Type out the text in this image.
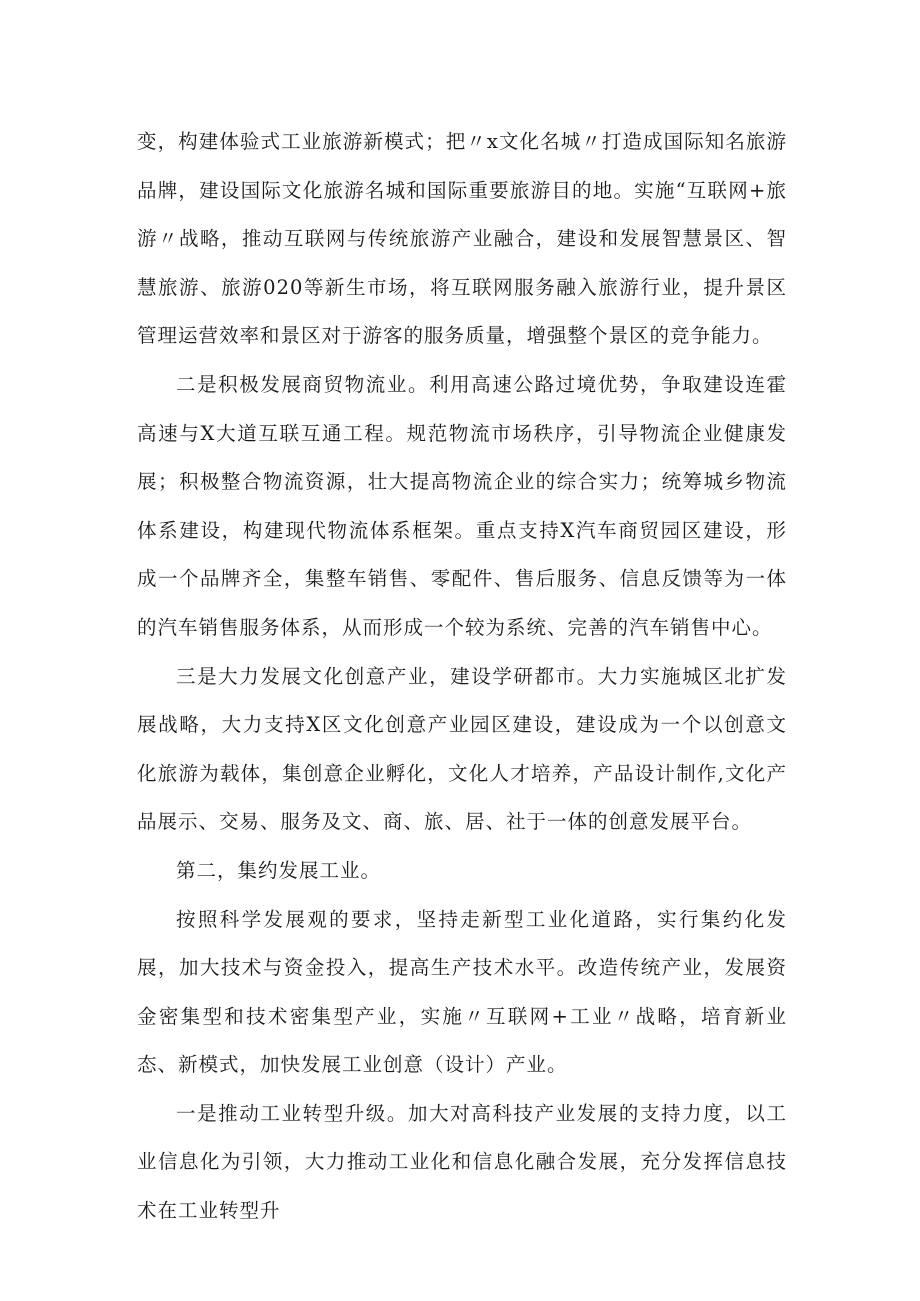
变，构建体验式工业旅游新模式；把〃x文化名城〃打造成国际知名旅游品牌，建设国际文化旅游名城和国际重要旅游目的地。实施“互联网+旅游〃战略，推动互联网与传统旅游产业融合，建设和发展智慧景区、智慧旅游、旅游020等新生市场，将互联网服务融入旅游行业，提升景区管理运营效率和景区对于游客的服务质量，增强整个景区的竞争能力。

二是积极发展商贸物流业。利用高速公路过境优势，争取建设连霍高速与X大道互联互通工程。规范物流市场秩序，引导物流企业健康发展；积极整合物流资源，壮大提高物流企业的综合实力；统筹城乡物流体系建设，构建现代物流体系框架。重点支持X汽车商贸园区建设，形成一个品牌齐全，集整车销售、零配件、售后服务、信息反馈等为一体的汽车销售服务体系，从而形成一个较为系统、完善的汽车销售中心。

三是大力发展文化创意产业，建设学研都市。大力实施城区北扩发展战略，大力支持X区文化创意产业园区建设，建设成为一个以创意文化旅游为载体，集创意企业孵化，文化人才培养，产品设计制作,文化产品展示、交易、服务及文、商、旅、居、社于一体的创意发展平台。

第二，集约发展工业。

按照科学发展观的要求，坚持走新型工业化道路，实行集约化发展，加大技术与资金投入，提高生产技术水平。改造传统产业，发展资金密集型和技术密集型产业，实施〃互联网+工业〃战略，培育新业态、新模式，加快发展工业创意（设计）产业。

一是推动工业转型升级。加大对高科技产业发展的支持力度，以工业信息化为引领，大力推动工业化和信息化融合发展，充分发挥信息技术在工业转型升
